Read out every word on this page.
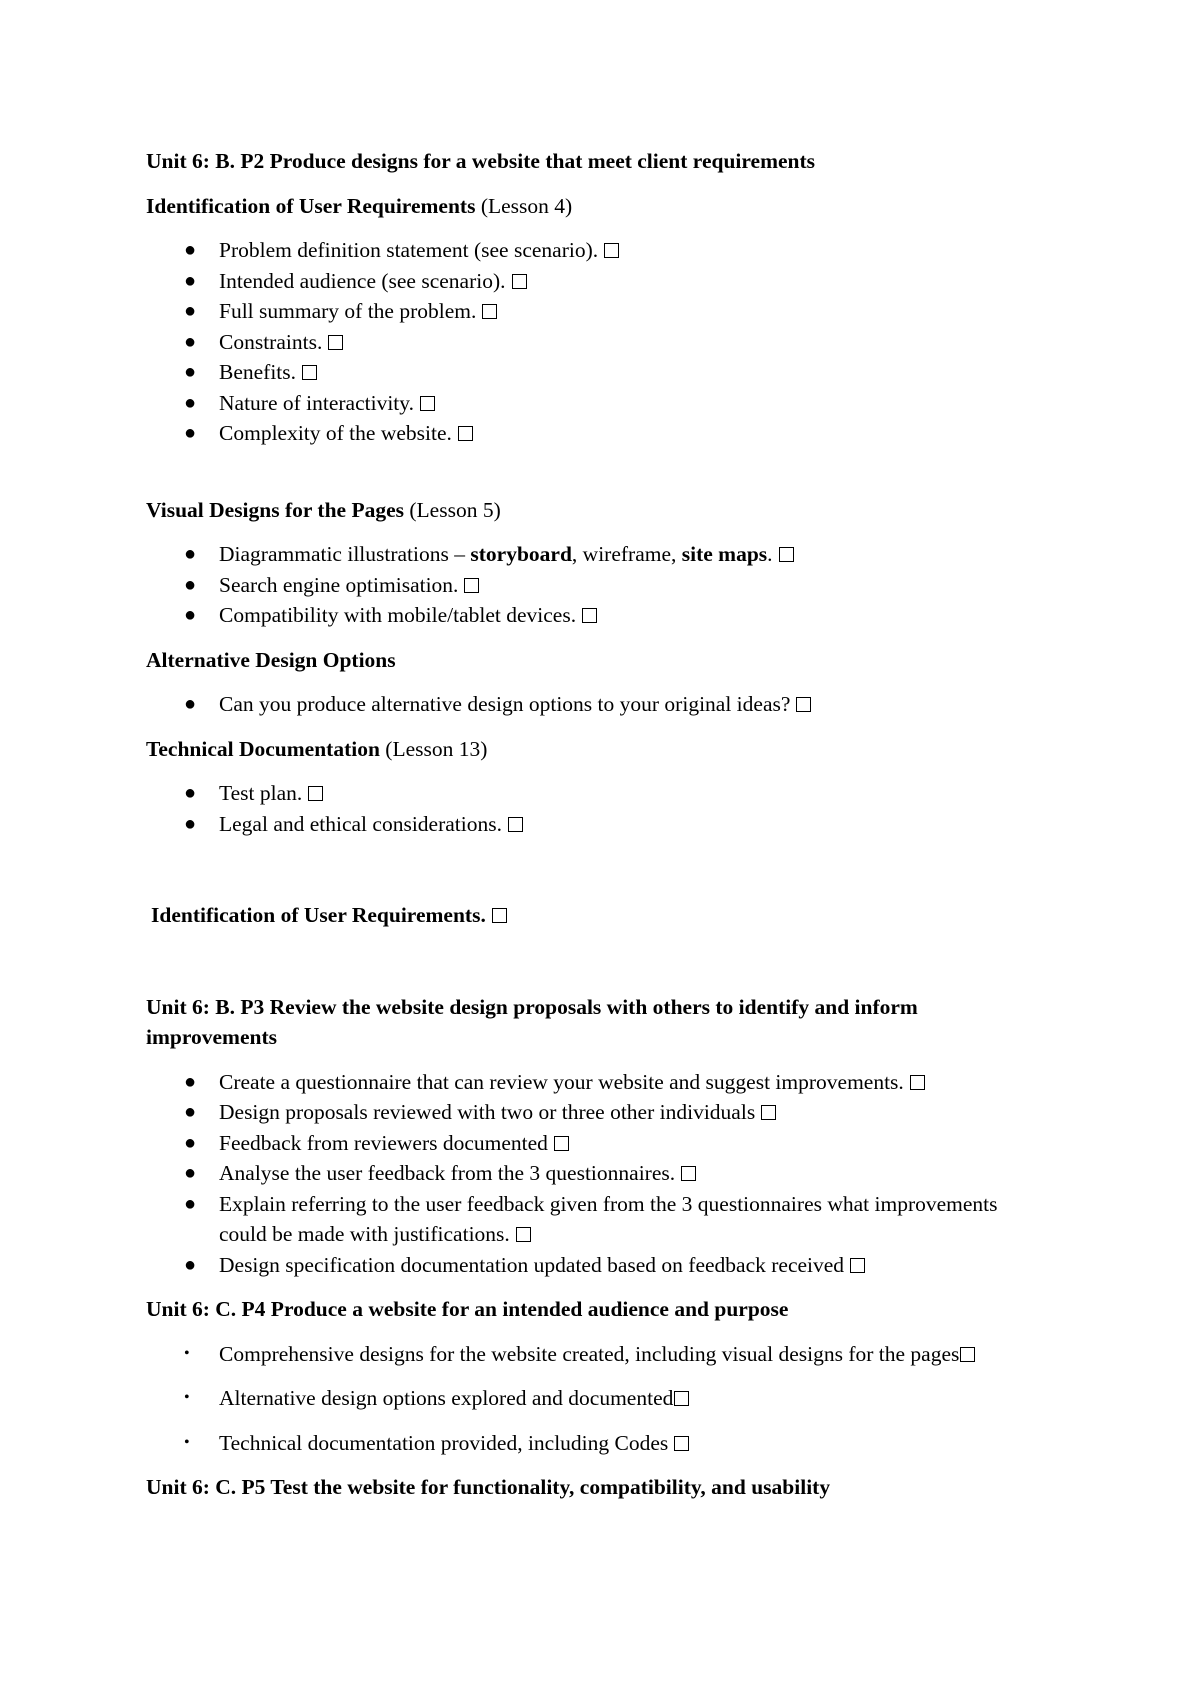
Unit 6: B. P2 Produce designs for a website that meet client requirements
Identification of User Requirements (Lesson 4)
● Problem definition statement (see scenario).
● Intended audience (see scenario).
● Full summary of the problem.
● Constraints.
● Benefits.
● Nature of interactivity.
● Complexity of the website.
Visual Designs for the Pages (Lesson 5)
● Diagrammatic illustrations – storyboard, wireframe, site maps.
● Search engine optimisation.
● Compatibility with mobile/tablet devices.
Alternative Design Options
● Can you produce alternative design options to your original ideas?
Technical Documentation (Lesson 13)
● Test plan.
● Legal and ethical considerations.
Identification of User Requirements.
Unit 6: B. P3 Review the website design proposals with others to identify and inform improvements
● Create a questionnaire that can review your website and suggest improvements.
● Design proposals reviewed with two or three other individuals
● Feedback from reviewers documented
● Analyse the user feedback from the 3 questionnaires.
● Explain referring to the user feedback given from the 3 questionnaires what improvements could be made with justifications.
● Design specification documentation updated based on feedback received
Unit 6: C. P4 Produce a website for an intended audience and purpose
• Comprehensive designs for the website created, including visual designs for the pages
• Alternative design options explored and documented
• Technical documentation provided, including Codes
Unit 6: C. P5 Test the website for functionality, compatibility, and usability
